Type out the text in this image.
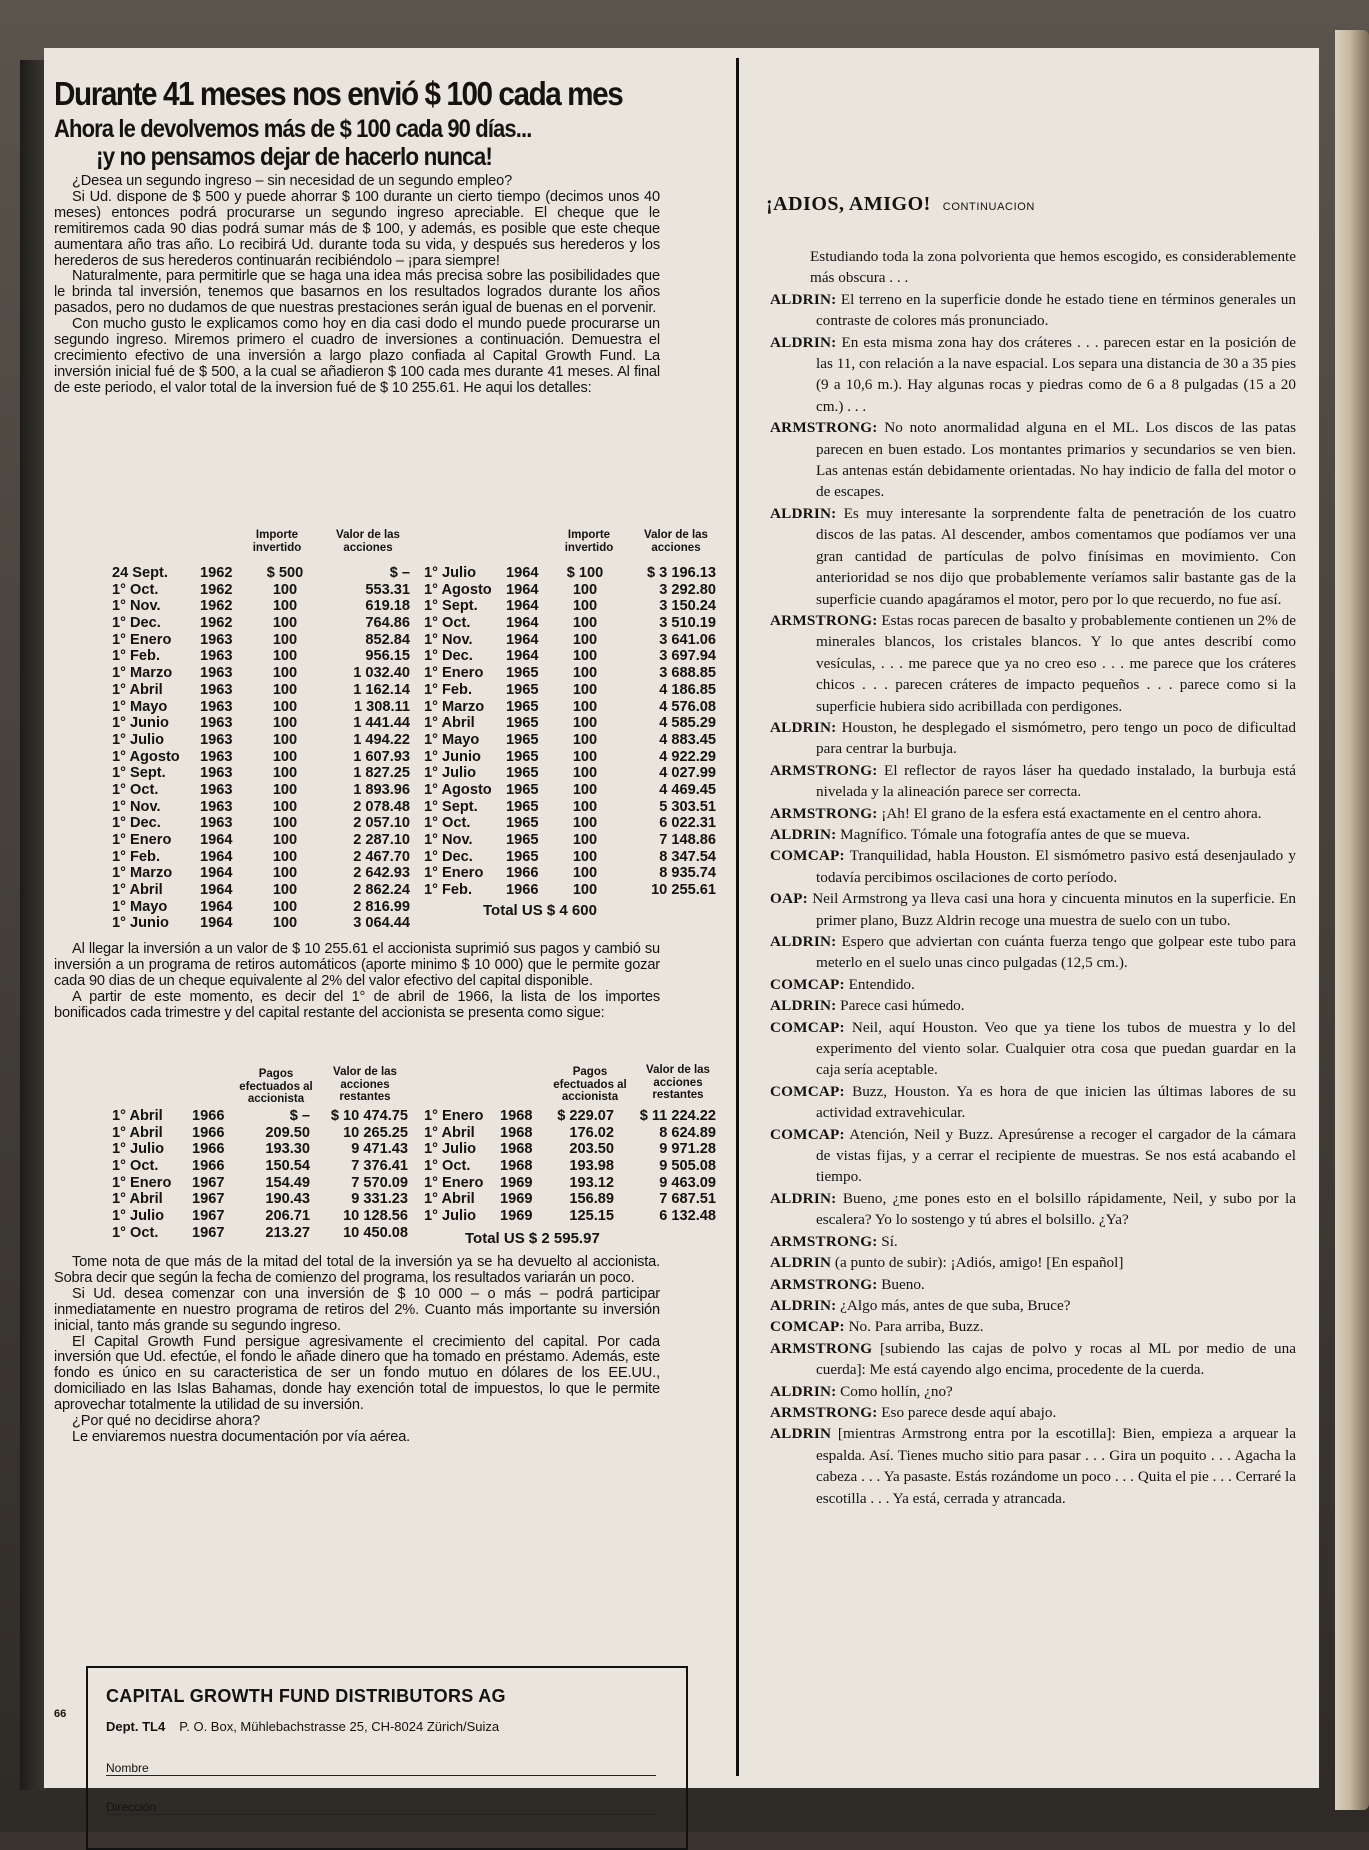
Durante 41 meses nos envió $ 100 cada mes
Ahora le devolvemos más de $ 100 cada 90 días...
¡y no pensamos dejar de hacerlo nunca!

¿Desea un segundo ingreso – sin necesidad de un segundo empleo?

Si Ud. dispone de $ 500 y puede ahorrar $ 100 durante un cierto tiempo (decimos unos 40 meses) entonces podrá procurarse un segundo ingreso apreciable. El cheque que le remitiremos cada 90 dias podrá sumar más de $ 100, y además, es posible que este cheque aumentara año tras año. Lo recibirá Ud. durante toda su vida, y después sus herederos y los herederos de sus herederos continuarán recibiéndolo – ¡para siempre!

Naturalmente, para permitirle que se haga una idea más precisa sobre las posibilidades que le brinda tal inversión, tenemos que basarnos en los resultados logrados durante los años pasados, pero no dudamos de que nuestras prestaciones serán igual de buenas en el porvenir.

Con mucho gusto le explicamos como hoy en dia casi dodo el mundo puede procurarse un segundo ingreso. Miremos primero el cuadro de inversiones a continuación. Demuestra el crecimiento efectivo de una inversión a largo plazo confiada al Capital Growth Fund. La inversión inicial fué de $ 500, a la cual se añadieron $ 100 cada mes durante 41 meses. Al final de este periodo, el valor total de la inversion fué de $ 10 255.61. He aqui los detalles:

Importe invertido
Valor de las acciones
Importe invertido
Valor de las acciones
24 Sept. 1962	$ 500	$ –
1° Oct.	1962	100	553.31
1° Nov.	1962	100	619.18
1° Dec.	1962	100	764.86
1° Enero 1963	100	852.84
1° Feb.	1963	100	956.15
1° Marzo 1963	100	1 032.40
1° Abril	1963	100	1 162.14
1° Mayo 1963	100	1 308.11
1° Junio 1963	100	1 441.44
1° Julio 1963	100	1 494.22
1° Agosto 1963	100	1 607.93
1° Sept. 1963	100	1 827.25
1° Oct.	1963	100	1 893.96
1° Nov.	1963	100	2 078.48
1° Dec.	1963	100	2 057.10
1° Enero 1964	100	2 287.10
1° Feb.	1964	100	2 467.70
1° Marzo 1964	100	2 642.93
1° Abril	1964	100	2 862.24
1° Mayo 1964	100	2 816.99
1° Junio 1964	100	3 064.44
1° Julio 1964	$ 100	$ 3 196.13
1° Agosto 1964	100	3 292.80
1° Sept. 1964	100	3 150.24
1° Oct. 1964	100	3 510.19
1° Nov. 1964	100	3 641.06
1° Dec. 1964	100	3 697.94
1° Enero 1965	100	3 688.85
1° Feb. 1965	100	4 186.85
1° Marzo 1965	100	4 576.08
1° Abril 1965	100	4 585.29
1° Mayo 1965	100	4 883.45
1° Junio 1965	100	4 922.29
1° Julio 1965	100	4 027.99
1° Agosto 1965	100	4 469.45
1° Sept. 1965	100	5 303.51
1° Oct. 1965	100	6 022.31
1° Nov. 1965	100	7 148.86
1° Dec. 1965	100	8 347.54
1° Enero 1966	100	8 935.74
1° Feb. 1966	100	10 255.61
Total US $ 4 600

Al llegar la inversión a un valor de $ 10 255.61 el accionista suprimió sus pagos y cambió su inversión a un programa de retiros automáticos (aporte minimo $ 10 000) que le permite gozar cada 90 dias de un cheque equivalente al 2% del valor efectivo del capital disponible.

A partir de este momento, es decir del 1° de abril de 1966, la lista de los importes bonificados cada trimestre y del capital restante del accionista se presenta como sigue:

Pagos efectuados al accionista
Valor de las acciones restantes
Pagos efectuados al accionista
Valor de las acciones restantes
1° Abril 1966	$ – $ 10 474.75
1° Abril 1966	209.50 10 265.25
1° Julio 1966	193.30	9 471.43
1° Oct. 1966	150.54	7 376.41
1° Enero 1967	154.49	7 570.09
1° Abril 1967	190.43	9 331.23
1° Julio 1967	206.71 10 128.56
1° Oct. 1967	213.27 10 450.08
1° Enero 1968 $ 229.07 $ 11 224.22
1° Abril 1968	176.02	8 624.89
1° Julio 1968	203.50	9 971.28
1° Oct. 1968	193.98	9 505.08
1° Enero 1969	193.12	9 463.09
1° Abril 1969	156.89	7 687.51
1° Julio 1969	125.15	6 132.48
Total US $ 2 595.97

Tome nota de que más de la mitad del total de la inversión ya se ha devuelto al accionista. Sobra decir que según la fecha de comienzo del programa, los resultados variarán un poco.

Si Ud. desea comenzar con una inversión de $ 10 000 – o más – podrá participar inmediatamente en nuestro programa de retiros del 2%. Cuanto más importante su inversión inicial, tanto más grande su segundo ingreso.

El Capital Growth Fund persigue agresivamente el crecimiento del capital. Por cada inversión que Ud. efectúe, el fondo le añade dinero que ha tomado en préstamo. Además, este fondo es único en su caracteristica de ser un fondo mutuo en dólares de los EE.UU., domiciliado en las Islas Bahamas, donde hay exención total de impuestos, lo que le permite aprovechar totalmente la utilidad de su inversión.

¿Por qué no decidirse ahora?

Le enviaremos nuestra documentación por vía aérea.

CAPITAL GROWTH FUND DISTRIBUTORS AG
Dept. TL4 P. O. Box, Mühlebachstrasse 25, CH-8024 Zürich/Suiza
Nombre
Dirección
¡ADIOS, AMIGO! CONTINUACION

Estudiando toda la zona polvorienta que hemos escogido, es considerablemente más obscura . . .

ALDRIN: El terreno en la superficie donde he estado tiene en términos generales un contraste de colores más pronunciado.

ALDRIN: En esta misma zona hay dos cráteres . . . parecen estar en la posición de las 11, con relación a la nave espacial. Los separa una distancia de 30 a 35 pies (9 a 10,6 m.). Hay algunas rocas y piedras como de 6 a 8 pulgadas (15 a 20 cm.) . . .

ARMSTRONG: No noto anormalidad alguna en el ML. Los discos de las patas parecen en buen estado. Los montantes primarios y secundarios se ven bien. Las antenas están debidamente orientadas. No hay indicio de falla del motor o de escapes.

ALDRIN: Es muy interesante la sorprendente falta de penetración de los cuatro discos de las patas. Al descender, ambos comentamos que podíamos ver una gran cantidad de partículas de polvo finísimas en movimiento. Con anterioridad se nos dijo que probablemente veríamos salir bastante gas de la superficie cuando apagáramos el motor, pero por lo que recuerdo, no fue así.

ARMSTRONG: Estas rocas parecen de basalto y probablemente contienen un 2% de minerales blancos, los cristales blancos. Y lo que antes describí como vesículas, . . . me parece que ya no creo eso . . . me parece que los cráteres chicos . . . parecen cráteres de impacto pequeños . . . parece como si la superficie hubiera sido acribillada con perdigones.

ALDRIN: Houston, he desplegado el sismómetro, pero tengo un poco de dificultad para centrar la burbuja.

ARMSTRONG: El reflector de rayos láser ha quedado instalado, la burbuja está nivelada y la alineación parece ser correcta.

ARMSTRONG: ¡Ah! El grano de la esfera está exactamente en el centro ahora.

ALDRIN: Magnífico. Tómale una fotografía antes de que se mueva.

COMCAP: Tranquilidad, habla Houston. El sismómetro pasivo está desenjaulado y todavía percibimos oscilaciones de corto período.

OAP: Neil Armstrong ya lleva casi una hora y cincuenta minutos en la superficie. En primer plano, Buzz Aldrin recoge una muestra de suelo con un tubo.

ALDRIN: Espero que adviertan con cuánta fuerza tengo que golpear este tubo para meterlo en el suelo unas cinco pulgadas (12,5 cm.).

COMCAP: Entendido.

ALDRIN: Parece casi húmedo.

COMCAP: Neil, aquí Houston. Veo que ya tiene los tubos de muestra y lo del experimento del viento solar. Cualquier otra cosa que puedan guardar en la caja sería aceptable.

COMCAP: Buzz, Houston. Ya es hora de que inicien las últimas labores de su actividad extravehicular.

COMCAP: Atención, Neil y Buzz. Apresúrense a recoger el cargador de la cámara de vistas fijas, y a cerrar el recipiente de muestras. Se nos está acabando el tiempo.

ALDRIN: Bueno, ¿me pones esto en el bolsillo rápidamente, Neil, y subo por la escalera? Yo lo sostengo y tú abres el bolsillo. ¿Ya?

ARMSTRONG: Sí.

ALDRIN (a punto de subir): ¡Adiós, amigo! [En español]

ARMSTRONG: Bueno.

ALDRIN: ¿Algo más, antes de que suba, Bruce?

COMCAP: No. Para arriba, Buzz.

ARMSTRONG [subiendo las cajas de polvo y rocas al ML por medio de una cuerda]: Me está cayendo algo encima, procedente de la cuerda.

ALDRIN: Como hollín, ¿no?

ARMSTRONG: Eso parece desde aquí abajo.

ALDRIN [mientras Armstrong entra por la escotilla]: Bien, empieza a arquear la espalda. Así. Tienes mucho sitio para pasar . . . Gira un poquito . . . Agacha la cabeza . . . Ya pasaste. Estás rozándome un poco . . . Quita el pie . . . Cerraré la escotilla . . . Ya está, cerrada y atrancada.

66
